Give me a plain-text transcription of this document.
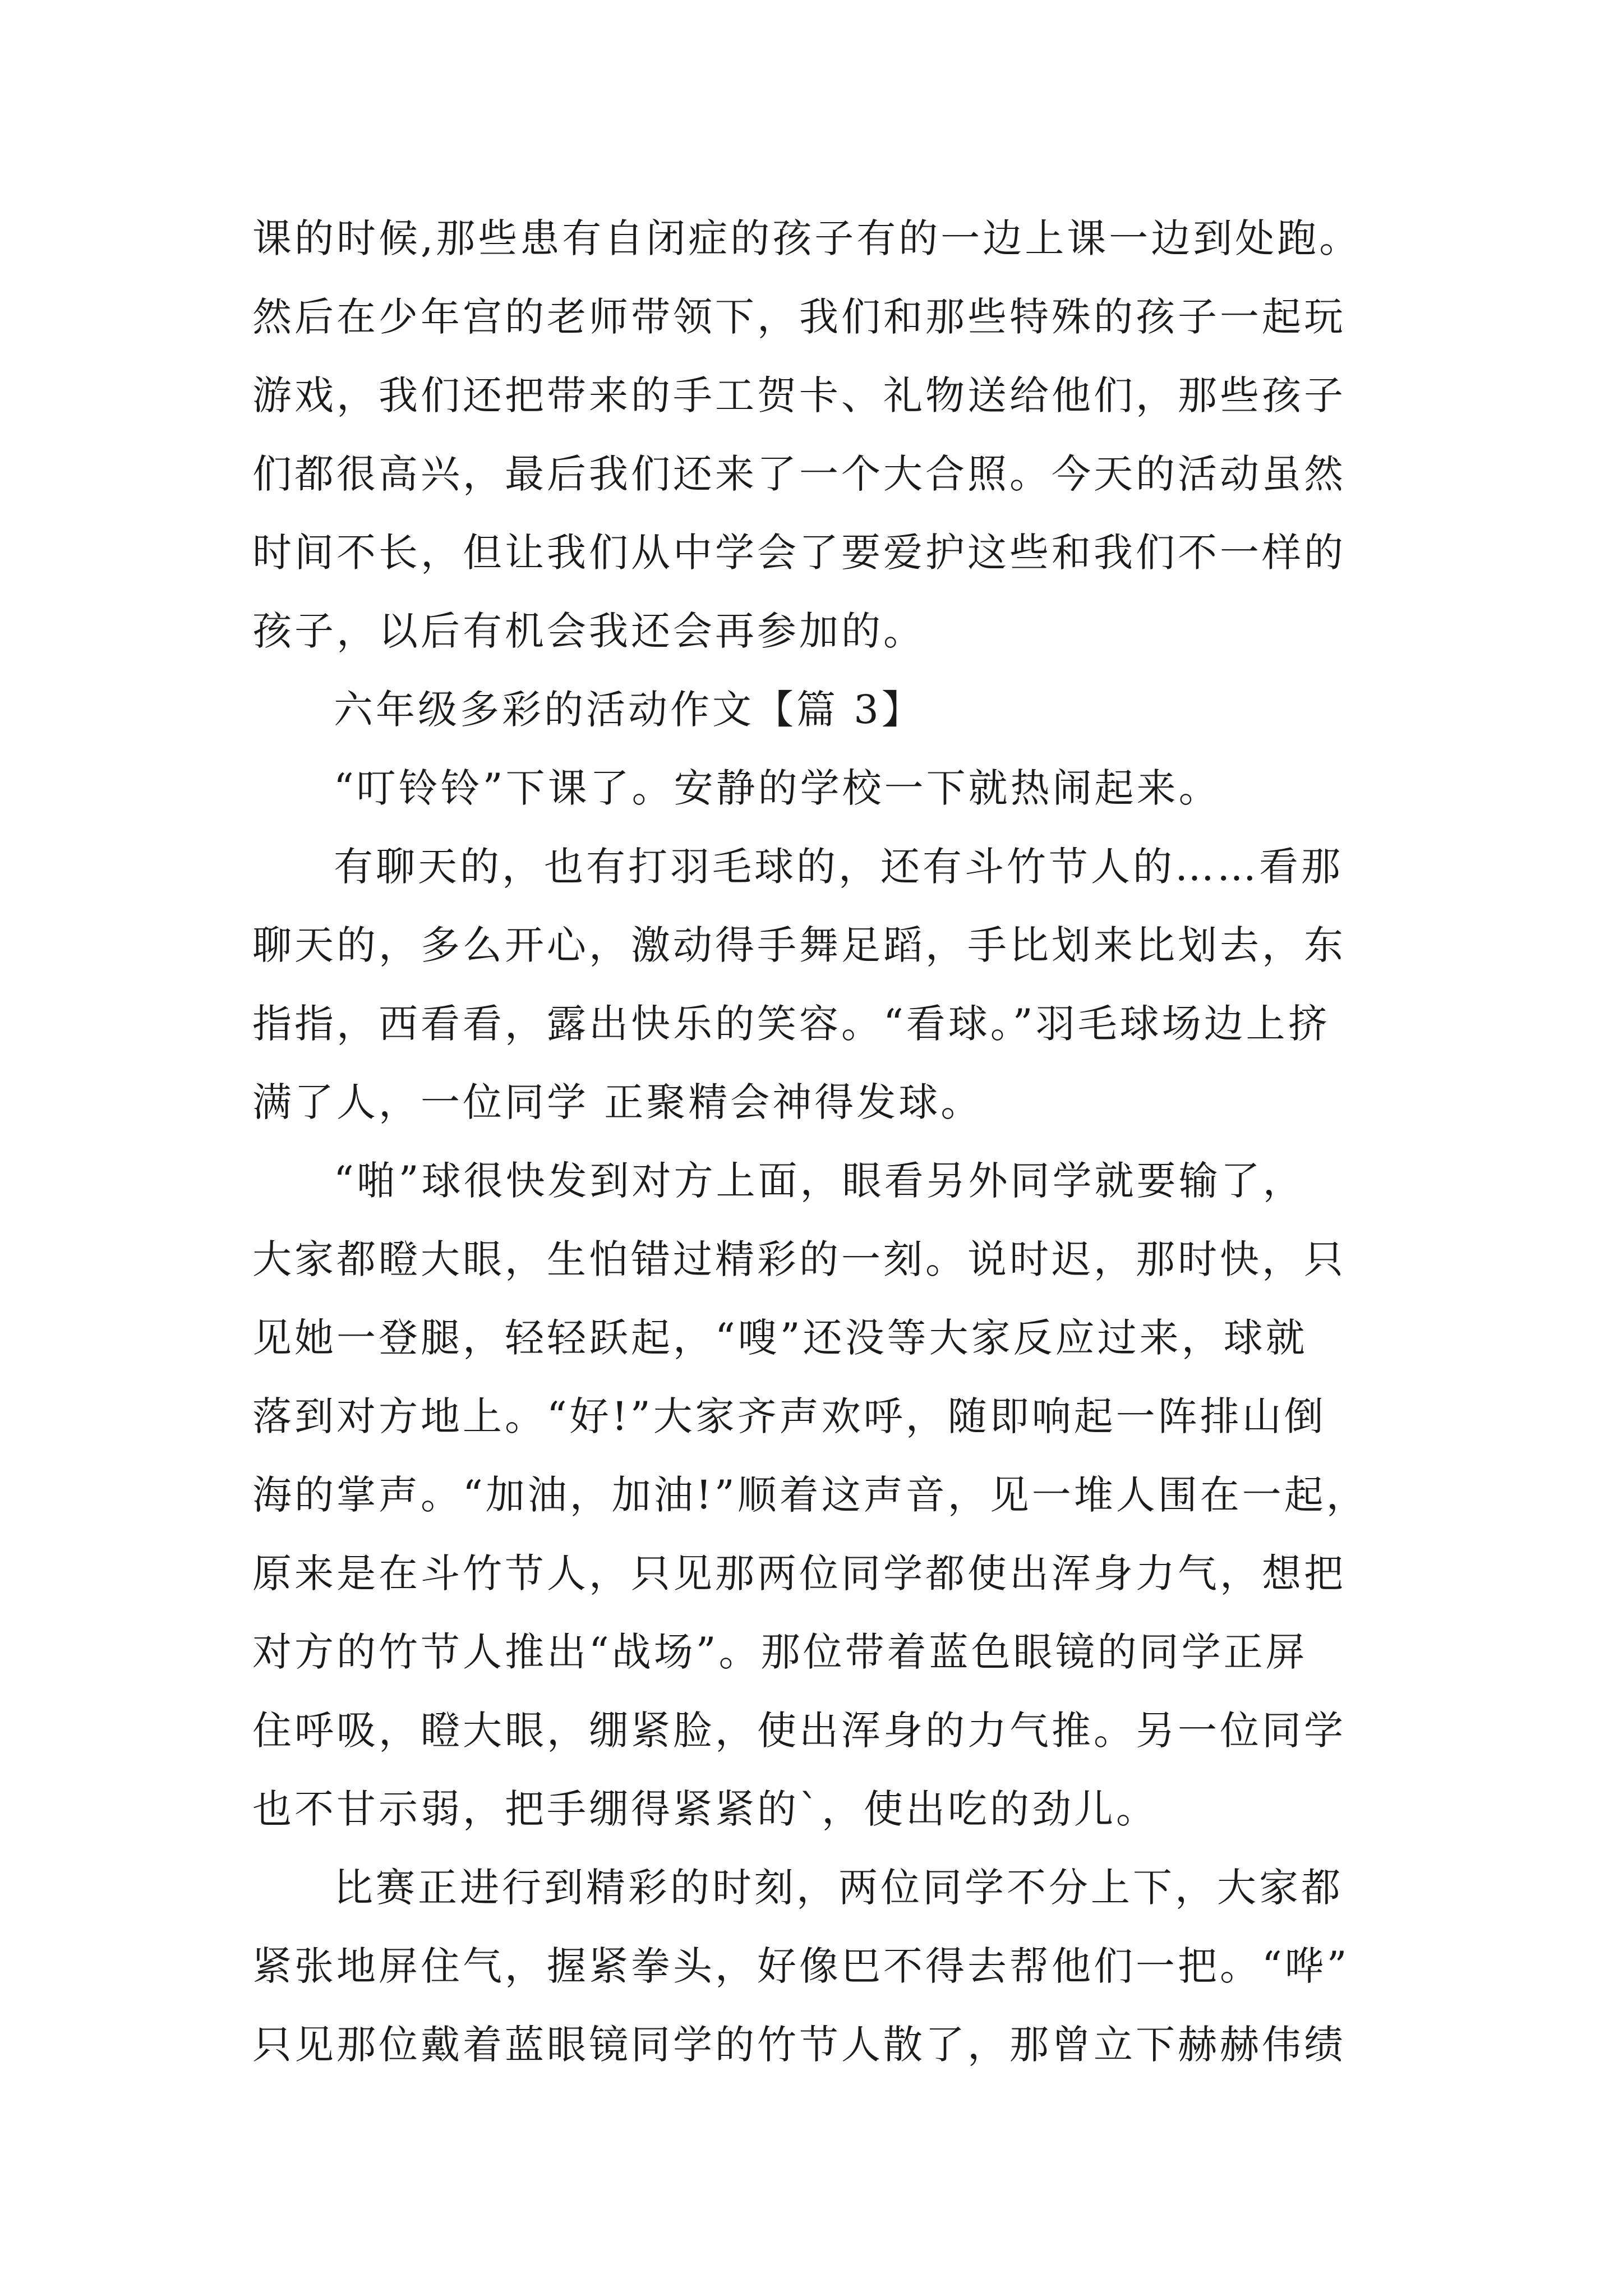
课的时候,那些患有自闭症的孩子有的一边上课一边到处跑。

然后在少年宫的老师带领下，我们和那些特殊的孩子一起玩

游戏，我们还把带来的手工贺卡、礼物送给他们，那些孩子

们都很高兴，最后我们还来了一个大合照。今天的活动虽然

时间不长，但让我们从中学会了要爱护这些和我们不一样的

孩子，以后有机会我还会再参加的。

六年级多彩的活动作文【篇 3】

“叮铃铃”下课了。安静的学校一下就热闹起来。

有聊天的，也有打羽毛球的，还有斗竹节人的……看那

聊天的，多么开心，激动得手舞足蹈，手比划来比划去，东

指指，西看看，露出快乐的笑容。“看球。”羽毛球场边上挤

满了人，一位同学 正聚精会神得发球。

“啪”球很快发到对方上面，眼看另外同学就要输了，

大家都瞪大眼，生怕错过精彩的一刻。说时迟，那时快，只

见她一登腿，轻轻跃起，“嗖”还没等大家反应过来，球就

落到对方地上。“好!”大家齐声欢呼，随即响起一阵排山倒

海的掌声。“加油，加油!”顺着这声音，见一堆人围在一起，

原来是在斗竹节人，只见那两位同学都使出浑身力气，想把

对方的竹节人推出“战场”。那位带着蓝色眼镜的同学正屏

住呼吸，瞪大眼，绷紧脸，使出浑身的力气推。另一位同学

也不甘示弱，把手绷得紧紧的`，使出吃的劲儿。

比赛正进行到精彩的时刻，两位同学不分上下，大家都

紧张地屏住气，握紧拳头，好像巴不得去帮他们一把。“哗”

只见那位戴着蓝眼镜同学的竹节人散了，那曾立下赫赫伟绩
